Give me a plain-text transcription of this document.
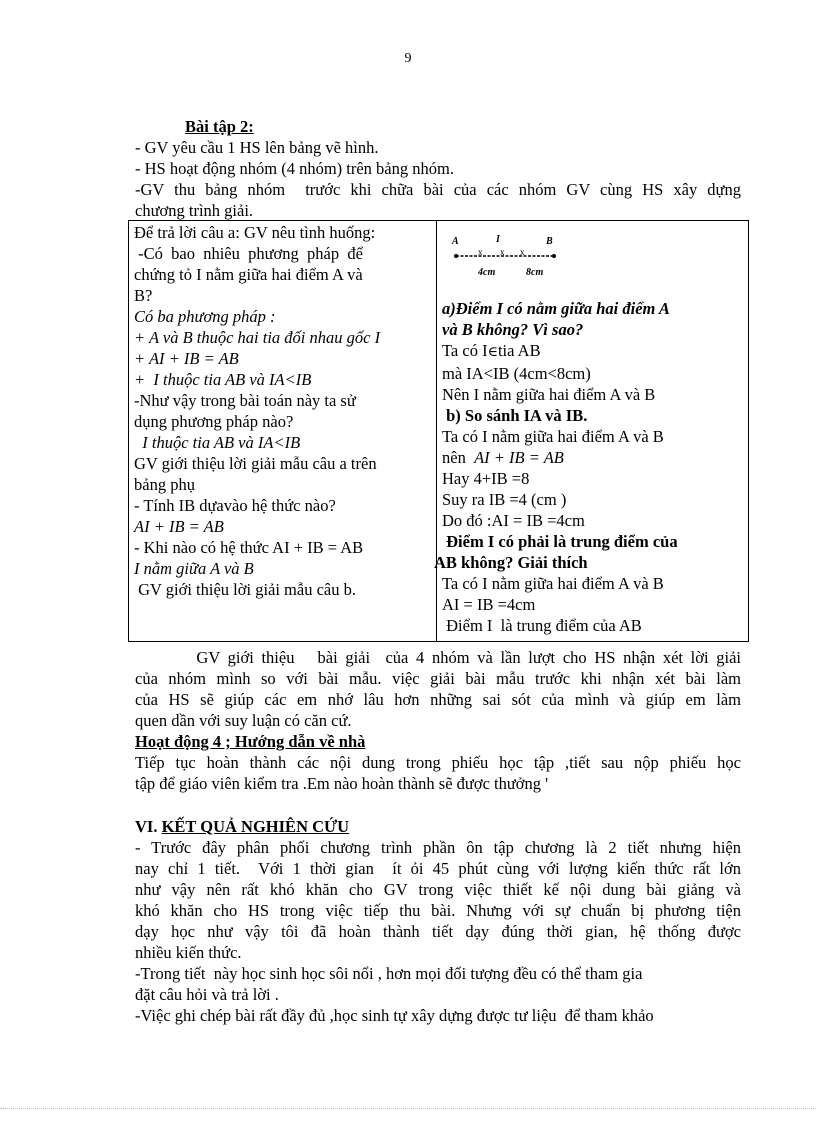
9
Bài tập 2:
- GV yêu cầu 1 HS lên bảng vẽ hình.
- HS hoạt động nhóm (4 nhóm) trên bảng nhóm.
-GV thu bảng nhóm  trước khi chữa bài của các nhóm GV cùng HS xây dựng
chương trình giải.
Để trả lời câu a: GV nêu tình huống:
-Có  bao  nhiêu  phương  pháp  để
chứng tỏ I nằm giữa hai điểm A và
B?
Có ba phương pháp :
+ A và B thuộc hai tia đối nhau gốc I
+ AI + IB = AB
+  I thuộc tia AB và IA<IB
-Như vậy trong bài toán này ta sử
dụng phương pháp nào?
I thuộc tia AB và IA<IB
GV giới thiệu lời giải mẫu câu a trên
bảng phụ
- Tính IB dựavào hệ thức nào?
AI + IB = AB
- Khi nào có hệ thức AI + IB = AB
I nằm giữa A và B
GV giới thiệu lời giải mẫu câu b.

A	I	B
x x x
4cm	8cm
a)Điểm I có nằm giữa hai điểm A
và B không? Vì sao?
Ta có I∈tia AB
mà IA<IB (4cm<8cm)
Nên I nằm giữa hai điểm A và B
b) So sánh IA và IB.
Ta có I nằm giữa hai điểm A và B
nên  AI + IB = AB
Hay 4+IB =8
Suy ra IB =4 (cm )
Do đó :AI = IB =4cm
Điểm I có phải là trung điểm của
AB không? Giải thích
Ta có I nằm giữa hai điểm A và B
AI = IB =4cm
Điểm I  là trung điểm của AB
GV giới thiệu   bài giải  của 4 nhóm và lần lượt cho HS nhận xét lời giải
của nhóm mình so với bài mẫu. việc giải bài mẫu trước khi nhận xét bài làm
của HS sẽ giúp các em nhớ lâu hơn những sai sót của mình và giúp em làm
quen dần với suy luận có căn cứ.
Hoạt động 4 ; Hướng dẫn về nhà
Tiếp tục hoàn thành các nội dung trong phiếu học tập ,tiết sau nộp phiếu học
tập để giáo viên kiểm tra .Em nào hoàn thành sẽ được thưởng '
VI. KẾT QUẢ NGHIÊN CỨU
- Trước đây phân phối chương trình phần ôn tập chương là 2 tiết nhưng hiện
nay chỉ 1 tiết.  Với 1 thời gian  ít ỏi 45 phút cùng với lượng kiến thức rất lớn
như vậy nên rất khó khăn cho GV trong việc thiết kế nội dung bài giảng và
khó khăn cho HS trong việc tiếp thu bài. Nhưng với sự chuẩn bị phương tiện
dạy học như vậy tôi đã hoàn thành tiết dạy đúng thời gian, hệ thống được
nhiều kiến thức.
-Trong tiết  này học sinh học sôi nổi , hơn mọi đối tượng đều có thể tham gia
đặt câu hỏi và trả lời .
-Việc ghi chép bài rất đầy đủ ,học sinh tự xây dựng được tư liệu  để tham khảo
